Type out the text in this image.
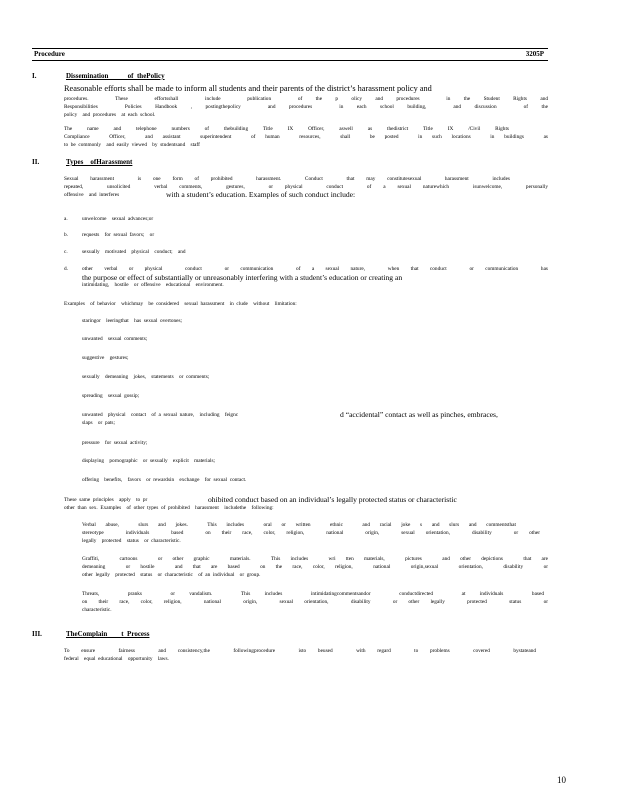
Procedure	3205P
I.	Dissemination           of  thePolicy
Reasonable efforts shall be made to inform all students and their parents of the district’s harassment policy and
procedures.    These    effortsshall    include    publication    of  the  p  olicy  and  procedures    in  the  Student  Rights  and
Responsibilities    Policies  Handbook  ,  postingthepolicy    and  procedures    in  each  school  building,    and  discussion    of  the
policy    and  procedures    at  each  school.
The  name  and  telephone  numbers  of  thebuilding  Title  IX  Officer,  aswell  as  thedistrict  Title  IX  /Civil  Rights
Compliance    Officer,    and  assistant    superintendent    of  human    resources,    shall    be  posted    in  such  locations    in  buildings    as
to  be  commonly    and  easily  viewed    by  studentsand    staff
II.	Types    ofHarassment
Sexual  harassment    is  one  form  of  prohibited    harassment.    Conduct    that  may  constitutesexual    harassment    includes
repeated,    unsolicited    verbal  comments,    gestures,    or  physical    conduct    of  a  sexual  naturewhich    isunwelcome,    personally
offensive    and  interferes	with a student’s education. Examples of such conduct include:
a.	unwelcome    sexual  advances;or
b.	requests    for  sexual  favors;    or
c.	sexually    motivated    physical    conduct;    and
d.	other  verbal  or  physical    conduct    or  communication    of  a  sexual  nature,    when  that  conduct    or  communication    has
the purpose or effect of substantially or unreasonably interfering with a student’s education or creating an
intimidating,    hostile    or  offensive    educational    environment.
Examples    of  behavior    whichmay    be  considered    sexual  harassment    in  clude    without    limitation:
staringor    leeringthat    has  sexual  overtones;
unwanted    sexual  comments;
suggestive    gestures;
sexually    demeaning    jokes,    statements    or  comments;
spreading    sexual  gossip;
unwanted    physical    contact    of  a  sexual  nature,    including    feignc	d “accidental” contact as well as pinches, embraces,
slaps    or  pats;
pressure    for  sexual  activity;
displaying    pornographic    or  sexually    explicit    materials;
offering    benefits,    favors    or  rewardsin    exchange    for  sexual  contact.
These  same  principles    apply    to  pr	ohibited conduct based on an individual’s legally protected status or characteristic
other  than  sex.  Examples    of  other  types  of  prohibited    harassment    includethe    following:
Verbal  abuse,    slurs  and  jokes.    This  includes    oral  or  written    ethnic    and  racial  joke  s  and  slurs  and  commentsthat
stereotype    individuals    based    on  their  race,  color,  religion,    national    origin,    sexual  orientation,    disability    or  other
legally    protected    status    or  characteristic.
Graffiti,    cartoons    or  other  graphic    materials.    This  includes    wri  tten  materials,    pictures    and  other  depictions    that  are
demeaning    or  hostile    and  that  are  based    on  the  race,  color,  religion,    national    origin,sexual    orientation,    disability    or
other  legally    protected    status    or  characteristic    of  an  individual    or  group.
Threats,    pranks    or  vandalism.    This  includes    intimidatingcommentsandor    conductdirected    at  individuals    based
on  their  race,  color,  religion,    national    origin,    sexual  orientation,    disability    or  other  legally    protected    status    or
characteristic.
III.	TheComplain        t  Process
To  ensure    fairness    and  consistency,the    followingprocedure    isto  beused    with  regard    to  problems    covered    bystateand
federal    equal  educational    opportunity    laws.
10
